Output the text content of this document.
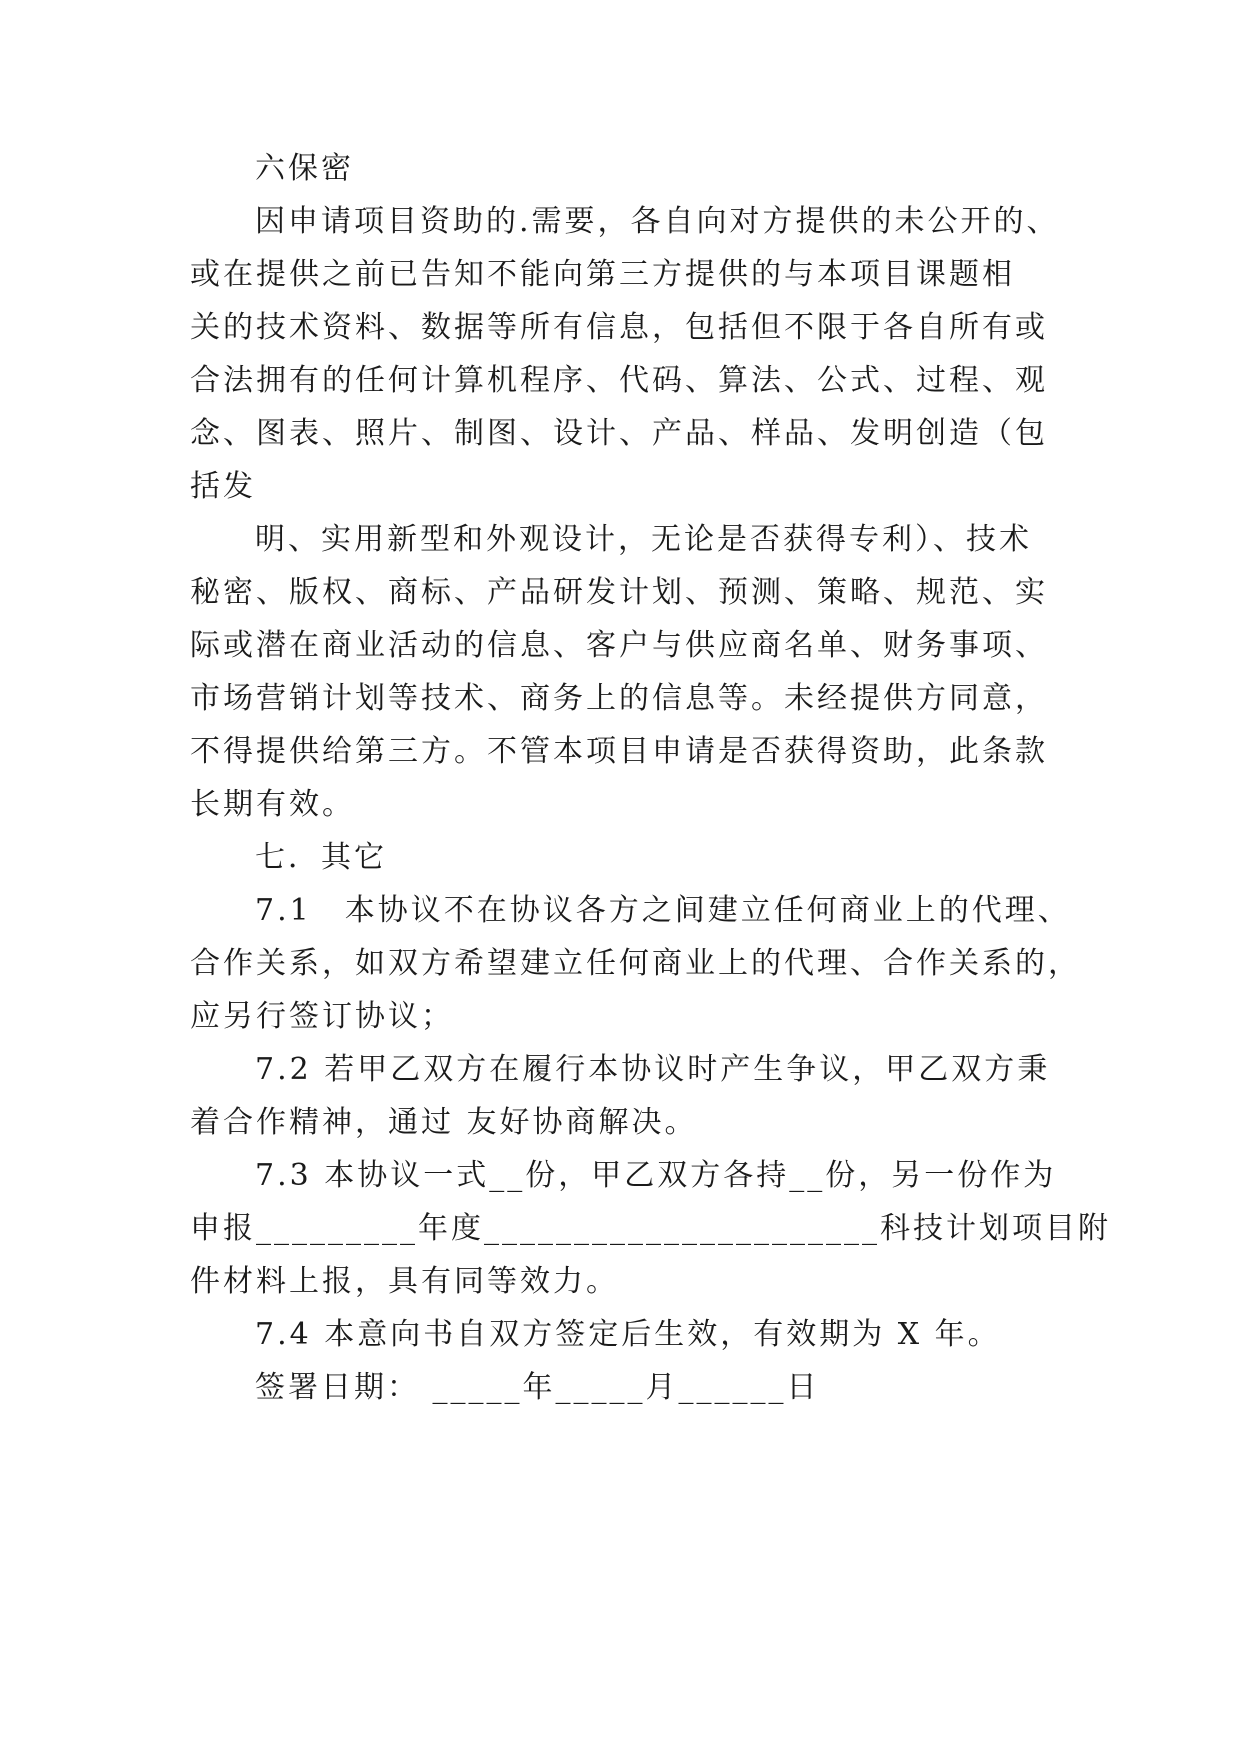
六保密
因申请项目资助的.需要，各自向对方提供的未公开的、
或在提供之前已告知不能向第三方提供的与本项目课题相
关的技术资料、数据等所有信息，包括但不限于各自所有或
合法拥有的任何计算机程序、代码、算法、公式、过程、观
念、图表、照片、制图、设计、产品、样品、发明创造（包
括发
明、实用新型和外观设计，无论是否获得专利）、技术
秘密、版权、商标、产品研发计划、预测、策略、规范、实
际或潜在商业活动的信息、客户与供应商名单、财务事项、
市场营销计划等技术、商务上的信息等。未经提供方同意，
不得提供给第三方。不管本项目申请是否获得资助，此条款
长期有效。
七．其它
7.1　本协议不在协议各方之间建立任何商业上的代理、
合作关系，如双方希望建立任何商业上的代理、合作关系的，
应另行签订协议；
7.2 若甲乙双方在履行本协议时产生争议，甲乙双方秉
着合作精神，通过 友好协商解决。
7.3 本协议一式__份，甲乙双方各持__份，另一份作为
申报_________年度______________________科技计划项目附
件材料上报，具有同等效力。
7.4 本意向书自双方签定后生效，有效期为 X 年。
签署日期： _____年_____月______日
